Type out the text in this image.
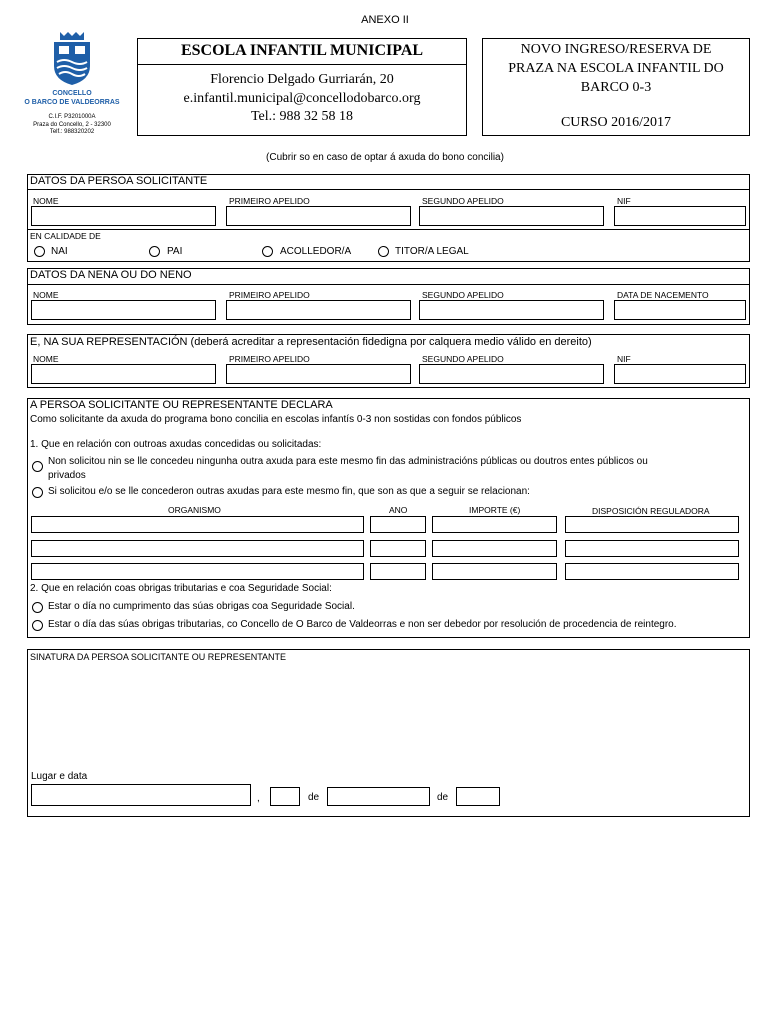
ANEXO II
CONCELLO
O BARCO DE VALDEORRAS
C.I.F. P3201000A
Praza do Concello, 2 - 32300
Telf.: 988320202
ESCOLA INFANTIL MUNICIPAL
Florencio Delgado Gurriarán, 20
e.infantil.municipal@concellodobarco.org
Tel.: 988 32 58 18
NOVO INGRESO/RESERVA DE
PRAZA NA ESCOLA INFANTIL DO
BARCO 0-3
CURSO 2016/2017
(Cubrir so en caso de optar á axuda do bono concilia)
DATOS DA PERSOA SOLICITANTE
NOME	PRIMEIRO APELIDO	SEGUNDO APELIDO	NIF
EN CALIDADE DE
NAI	PAI	ACOLLEDOR/A	TITOR/A LEGAL
DATOS DA NENA OU DO NENO
NOME	PRIMEIRO APELIDO	SEGUNDO APELIDO	DATA DE NACEMENTO
E, NA SUA REPRESENTACIÓN (deberá acreditar a representación fidedigna por calquera medio válido en dereito)
NOME	PRIMEIRO APELIDO	SEGUNDO APELIDO	NIF
A PERSOA SOLICITANTE OU REPRESENTANTE DECLARA
Como solicitante da axuda do programa bono concilia en escolas infantís 0-3 non sostidas con fondos públicos
1. Que en relación con outroas axudas concedidas ou solicitadas:
Non solicitou nin se lle concedeu ningunha outra axuda para este mesmo fin das administracións públicas ou doutros entes públicos ou
privados
Si solicitou e/o se lle concederon outras axudas para este mesmo fin, que son as que a seguir se relacionan:
ORGANISMO	ANO	IMPORTE (€)	DISPOSICIÓN REGULADORA
2. Que en relación coas obrigas tributarias e coa Seguridade Social:
Estar o día no cumprimento das súas obrigas coa Seguridade Social.
Estar o día das súas obrigas tributarias, co Concello de O Barco de Valdeorras e non ser debedor por resolución de procedencia de reintegro.
SINATURA DA PERSOA SOLICITANTE OU REPRESENTANTE
Lugar e data
,	de	de
